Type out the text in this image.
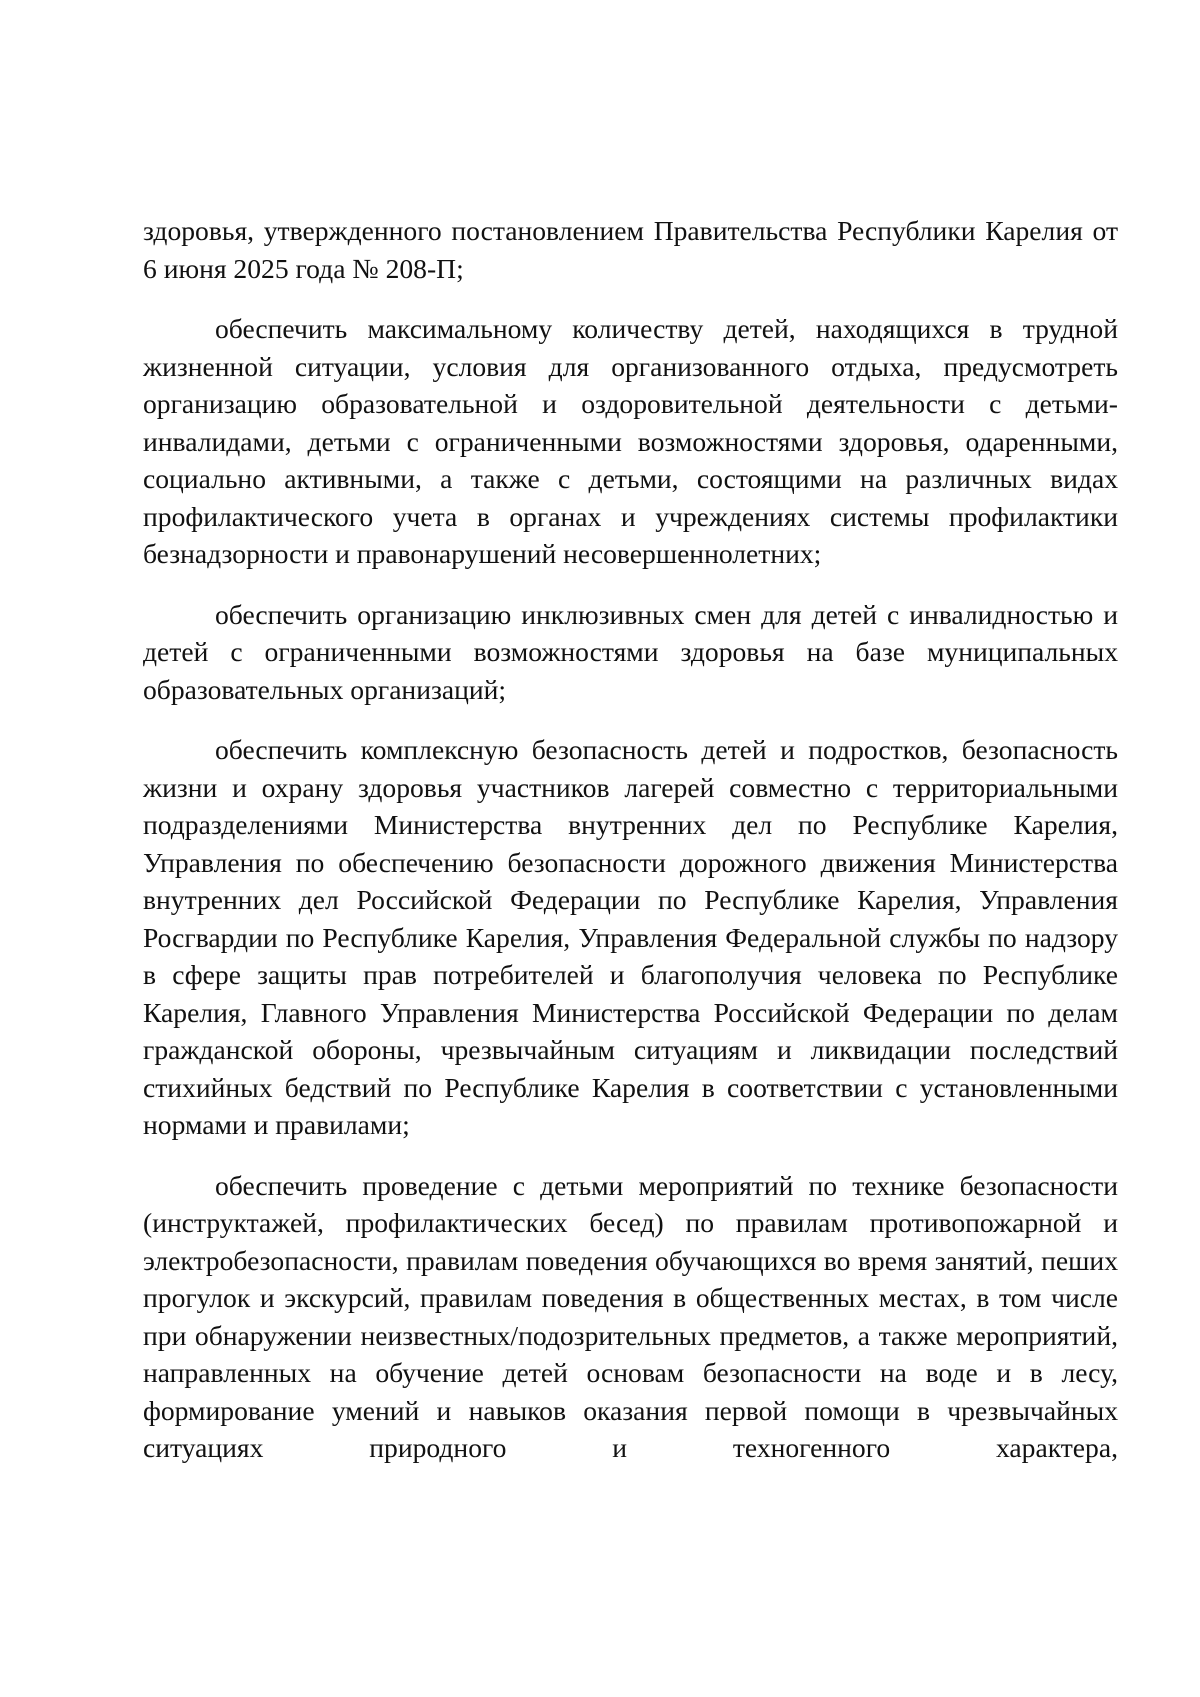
здоровья, утвержденного постановлением Правительства Республики Карелия от 6 июня 2025 года № 208-П;

обеспечить максимальному количеству детей, находящихся в трудной жизненной ситуации, условия для организованного отдыха, предусмотреть организацию образовательной и оздоровительной деятельности с детьми-инвалидами, детьми с ограниченными возможностями здоровья, одаренными, социально активными, а также с детьми, состоящими на различных видах профилактического учета в органах и учреждениях системы профилактики безнадзорности и правонарушений несовершеннолетних;

обеспечить организацию инклюзивных смен для детей с инвалидностью и детей с ограниченными возможностями здоровья на базе муниципальных образовательных организаций;

обеспечить комплексную безопасность детей и подростков, безопасность жизни и охрану здоровья участников лагерей совместно с территориальными подразделениями Министерства внутренних дел по Республике Карелия, Управления по обеспечению безопасности дорожного движения Министерства внутренних дел Российской Федерации по Республике Карелия, Управления Росгвардии по Республике Карелия, Управления Федеральной службы по надзору в сфере защиты прав потребителей и благополучия человека по Республике Карелия, Главного Управления Министерства Российской Федерации по делам гражданской обороны, чрезвычайным ситуациям и ликвидации последствий стихийных бедствий по Республике Карелия в соответствии с установленными нормами и правилами;

обеспечить проведение с детьми мероприятий по технике безопасности (инструктажей, профилактических бесед) по правилам противопожарной и электробезопасности, правилам поведения обучающихся во время занятий, пеших прогулок и экскурсий, правилам поведения в общественных местах, в том числе при обнаружении неизвестных/подозрительных предметов, а также мероприятий, направленных на обучение детей основам безопасности на воде и в лесу, формирование умений и навыков оказания первой помощи в чрезвычайных ситуациях природного и техногенного характера,
